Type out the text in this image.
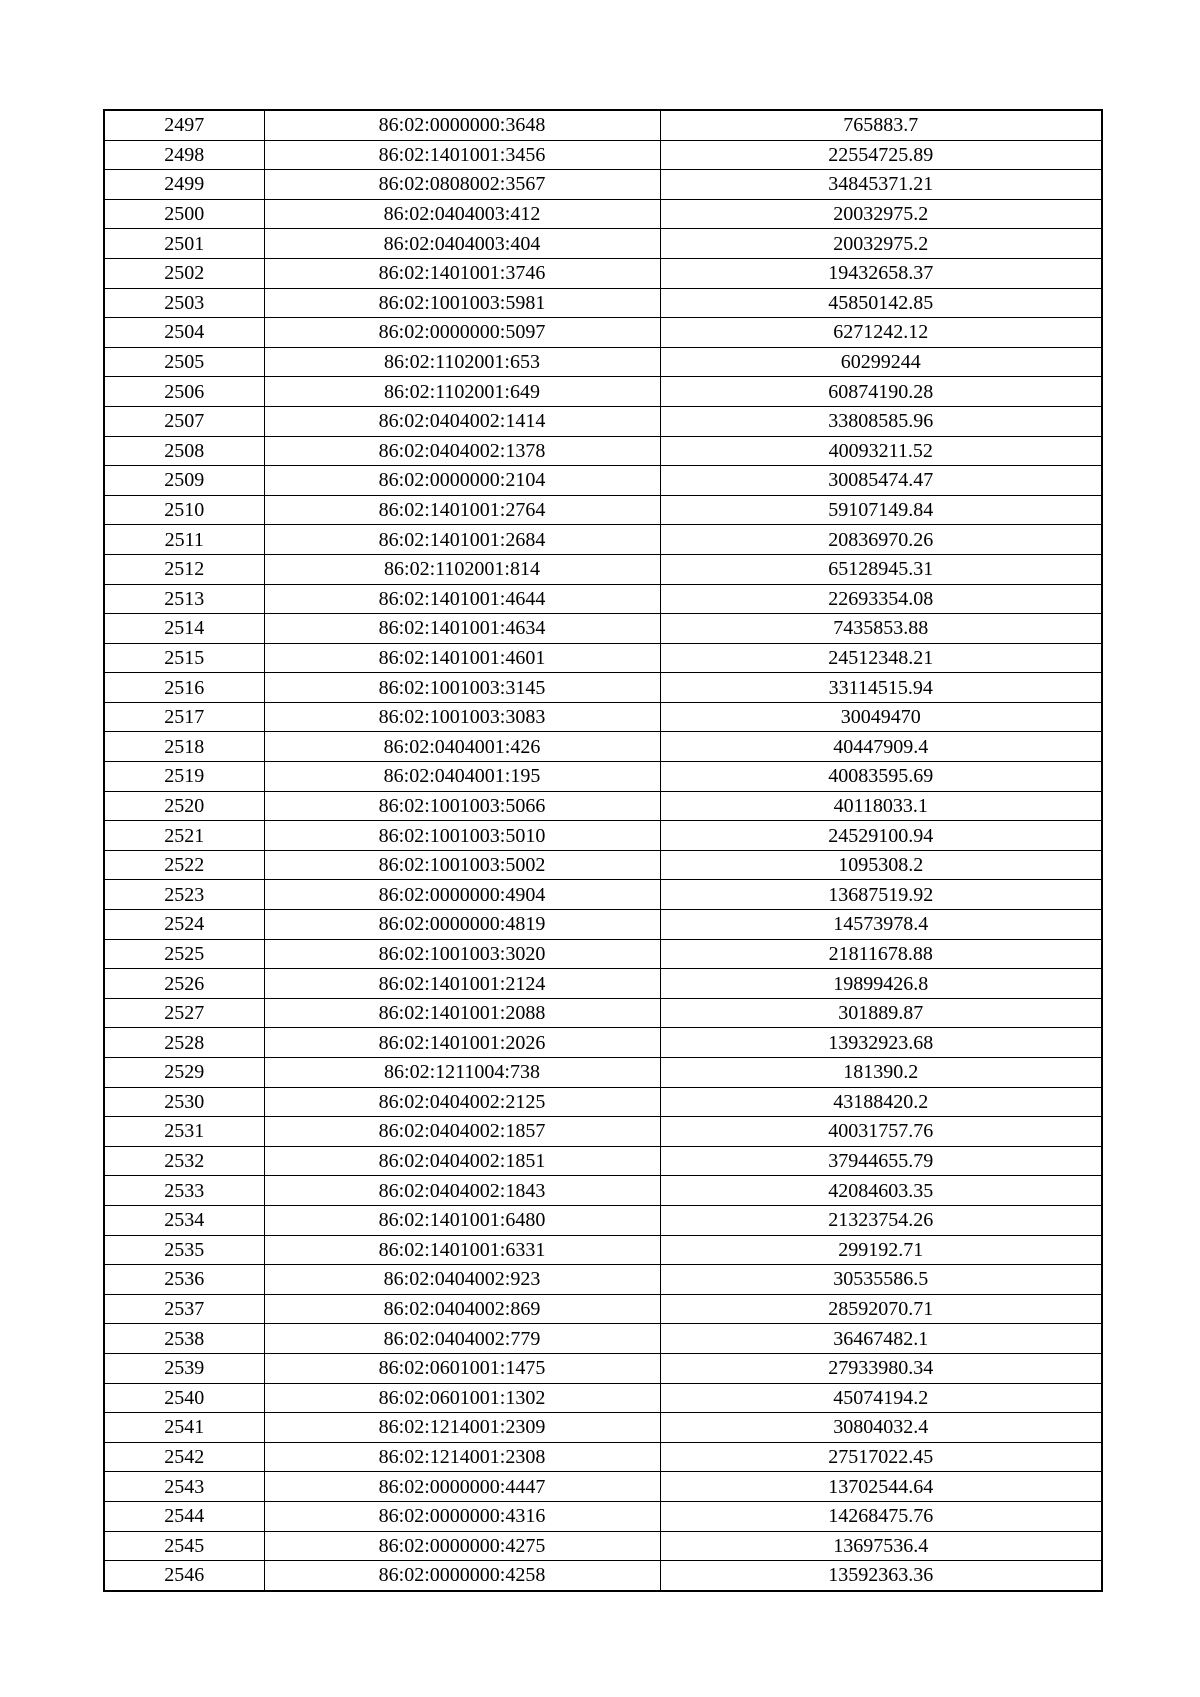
2497	86:02:0000000:3648	765883.7
2498	86:02:1401001:3456	22554725.89
2499	86:02:0808002:3567	34845371.21
2500	86:02:0404003:412	20032975.2
2501	86:02:0404003:404	20032975.2
2502	86:02:1401001:3746	19432658.37
2503	86:02:1001003:5981	45850142.85
2504	86:02:0000000:5097	6271242.12
2505	86:02:1102001:653	60299244
2506	86:02:1102001:649	60874190.28
2507	86:02:0404002:1414	33808585.96
2508	86:02:0404002:1378	40093211.52
2509	86:02:0000000:2104	30085474.47
2510	86:02:1401001:2764	59107149.84
2511	86:02:1401001:2684	20836970.26
2512	86:02:1102001:814	65128945.31
2513	86:02:1401001:4644	22693354.08
2514	86:02:1401001:4634	7435853.88
2515	86:02:1401001:4601	24512348.21
2516	86:02:1001003:3145	33114515.94
2517	86:02:1001003:3083	30049470
2518	86:02:0404001:426	40447909.4
2519	86:02:0404001:195	40083595.69
2520	86:02:1001003:5066	40118033.1
2521	86:02:1001003:5010	24529100.94
2522	86:02:1001003:5002	1095308.2
2523	86:02:0000000:4904	13687519.92
2524	86:02:0000000:4819	14573978.4
2525	86:02:1001003:3020	21811678.88
2526	86:02:1401001:2124	19899426.8
2527	86:02:1401001:2088	301889.87
2528	86:02:1401001:2026	13932923.68
2529	86:02:1211004:738	181390.2
2530	86:02:0404002:2125	43188420.2
2531	86:02:0404002:1857	40031757.76
2532	86:02:0404002:1851	37944655.79
2533	86:02:0404002:1843	42084603.35
2534	86:02:1401001:6480	21323754.26
2535	86:02:1401001:6331	299192.71
2536	86:02:0404002:923	30535586.5
2537	86:02:0404002:869	28592070.71
2538	86:02:0404002:779	36467482.1
2539	86:02:0601001:1475	27933980.34
2540	86:02:0601001:1302	45074194.2
2541	86:02:1214001:2309	30804032.4
2542	86:02:1214001:2308	27517022.45
2543	86:02:0000000:4447	13702544.64
2544	86:02:0000000:4316	14268475.76
2545	86:02:0000000:4275	13697536.4
2546	86:02:0000000:4258	13592363.36
